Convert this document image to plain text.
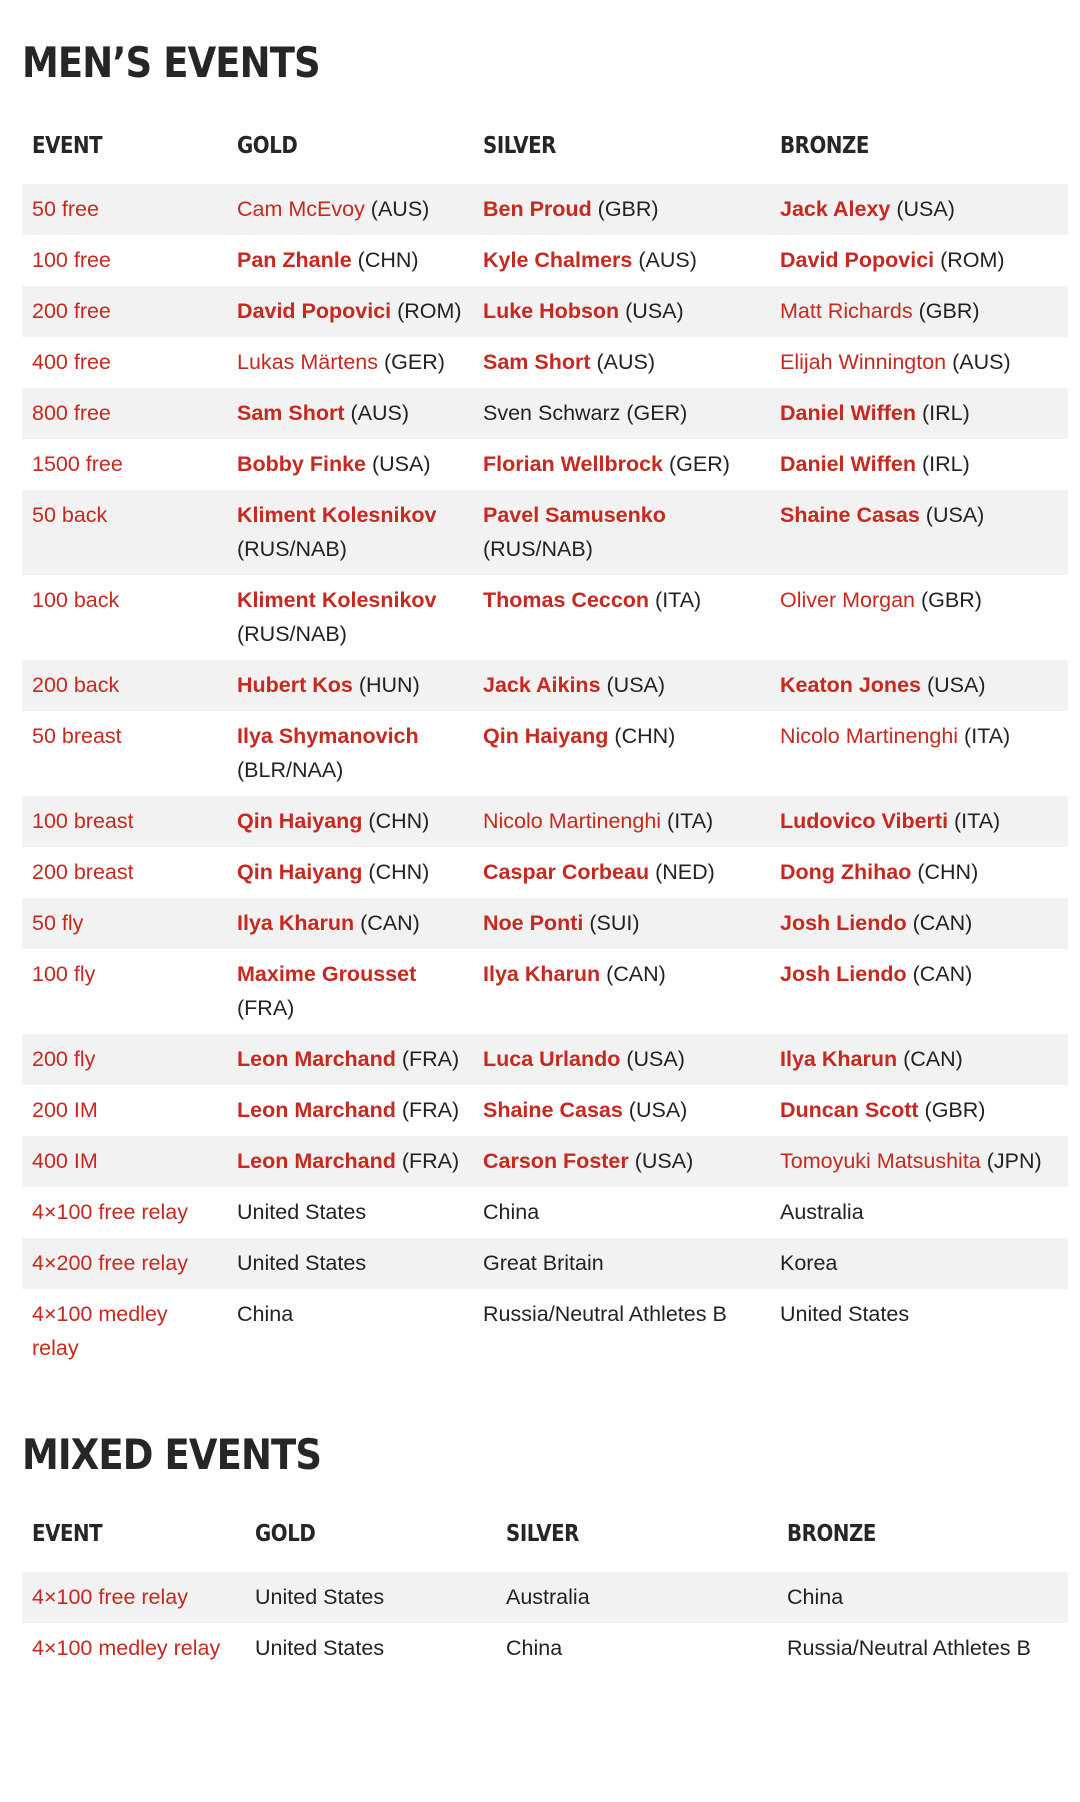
MEN’S EVENTS
EVENT	GOLD	SILVER	BRONZE
50 free	Cam McEvoy (AUS)	Ben Proud (GBR)	Jack Alexy (USA)
100 free	Pan Zhanle (CHN)	Kyle Chalmers (AUS)	David Popovici (ROM)
200 free	David Popovici (ROM)	Luke Hobson (USA)	Matt Richards (GBR)
400 free	Lukas Märtens (GER)	Sam Short (AUS)	Elijah Winnington (AUS)
800 free	Sam Short (AUS)	Sven Schwarz (GER)	Daniel Wiffen (IRL)
1500 free	Bobby Finke (USA)	Florian Wellbrock (GER)	Daniel Wiffen (IRL)
50 back	Kliment Kolesnikov (RUS/NAB)	Pavel Samusenko (RUS/NAB)	Shaine Casas (USA)
100 back	Kliment Kolesnikov (RUS/NAB)	Thomas Ceccon (ITA)	Oliver Morgan (GBR)
200 back	Hubert Kos (HUN)	Jack Aikins (USA)	Keaton Jones (USA)
50 breast	Ilya Shymanovich (BLR/NAA)	Qin Haiyang (CHN)	Nicolo Martinenghi (ITA)
100 breast	Qin Haiyang (CHN)	Nicolo Martinenghi (ITA)	Ludovico Viberti (ITA)
200 breast	Qin Haiyang (CHN)	Caspar Corbeau (NED)	Dong Zhihao (CHN)
50 fly	Ilya Kharun (CAN)	Noe Ponti (SUI)	Josh Liendo (CAN)
100 fly	Maxime Grousset (FRA)	Ilya Kharun (CAN)	Josh Liendo (CAN)
200 fly	Leon Marchand (FRA)	Luca Urlando (USA)	Ilya Kharun (CAN)
200 IM	Leon Marchand (FRA)	Shaine Casas (USA)	Duncan Scott (GBR)
400 IM	Leon Marchand (FRA)	Carson Foster (USA)	Tomoyuki Matsushita (JPN)
4×100 free relay	United States	China	Australia
4×200 free relay	United States	Great Britain	Korea
4×100 medley relay	China	Russia/Neutral Athletes B	United States
MIXED EVENTS
EVENT	GOLD	SILVER	BRONZE
4×100 free relay	United States	Australia	China
4×100 medley relay	United States	China	Russia/Neutral Athletes B
